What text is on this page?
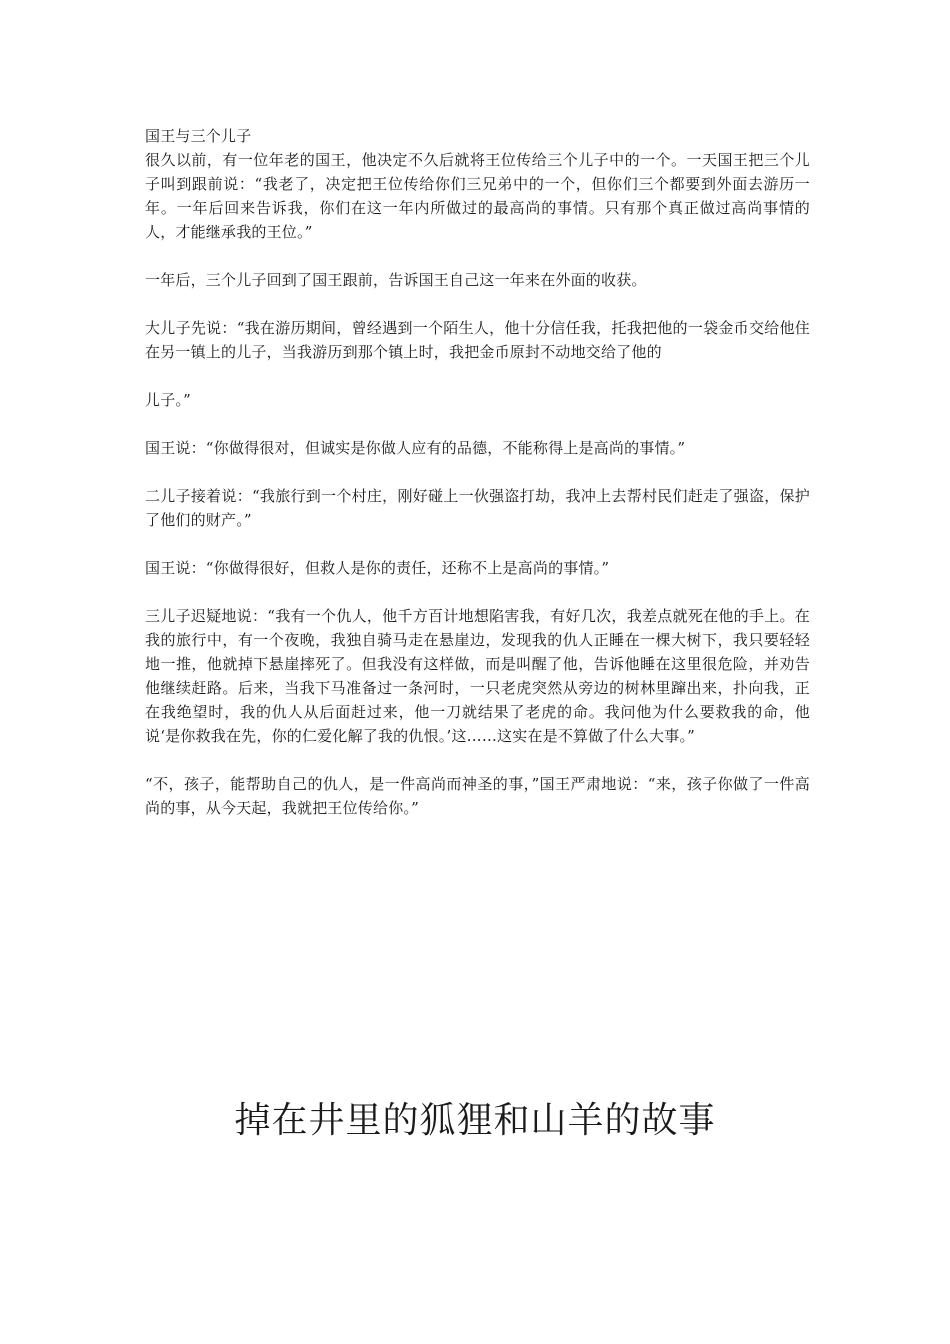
国王与三个儿子

很久以前，有一位年老的国王，他决定不久后就将王位传给三个儿子中的一个。一天国王把三个儿子叫到跟前说：“我老了，决定把王位传给你们三兄弟中的一个，但你们三个都要到外面去游历一年。一年后回来告诉我，你们在这一年内所做过的最高尚的事情。只有那个真正做过高尚事情的人，才能继承我的王位。”

一年后，三个儿子回到了国王跟前，告诉国王自己这一年来在外面的收获。

大儿子先说：“我在游历期间，曾经遇到一个陌生人，他十分信任我，托我把他的一袋金币交给他住在另一镇上的儿子，当我游历到那个镇上时，我把金币原封不动地交给了他的

儿子。”

国王说：“你做得很对，但诚实是你做人应有的品德，不能称得上是高尚的事情。”

二儿子接着说：“我旅行到一个村庄，刚好碰上一伙强盗打劫，我冲上去帮村民们赶走了强盗，保护了他们的财产。”

国王说：“你做得很好，但救人是你的责任，还称不上是高尚的事情。”

三儿子迟疑地说：“我有一个仇人，他千方百计地想陷害我，有好几次，我差点就死在他的手上。在我的旅行中，有一个夜晚，我独自骑马走在悬崖边，发现我的仇人正睡在一棵大树下，我只要轻轻地一推，他就掉下悬崖摔死了。但我没有这样做，而是叫醒了他，告诉他睡在这里很危险，并劝告他继续赶路。后来，当我下马准备过一条河时，一只老虎突然从旁边的树林里蹿出来，扑向我，正在我绝望时，我的仇人从后面赶过来，他一刀就结果了老虎的命。我问他为什么要救我的命，他说‘是你救我在先，你的仁爱化解了我的仇恨。’这……这实在是不算做了什么大事。”

“不，孩子，能帮助自己的仇人，是一件高尚而神圣的事，”国王严肃地说：“来，孩子你做了一件高尚的事，从今天起，我就把王位传给你。”

掉在井里的狐狸和山羊的故事
